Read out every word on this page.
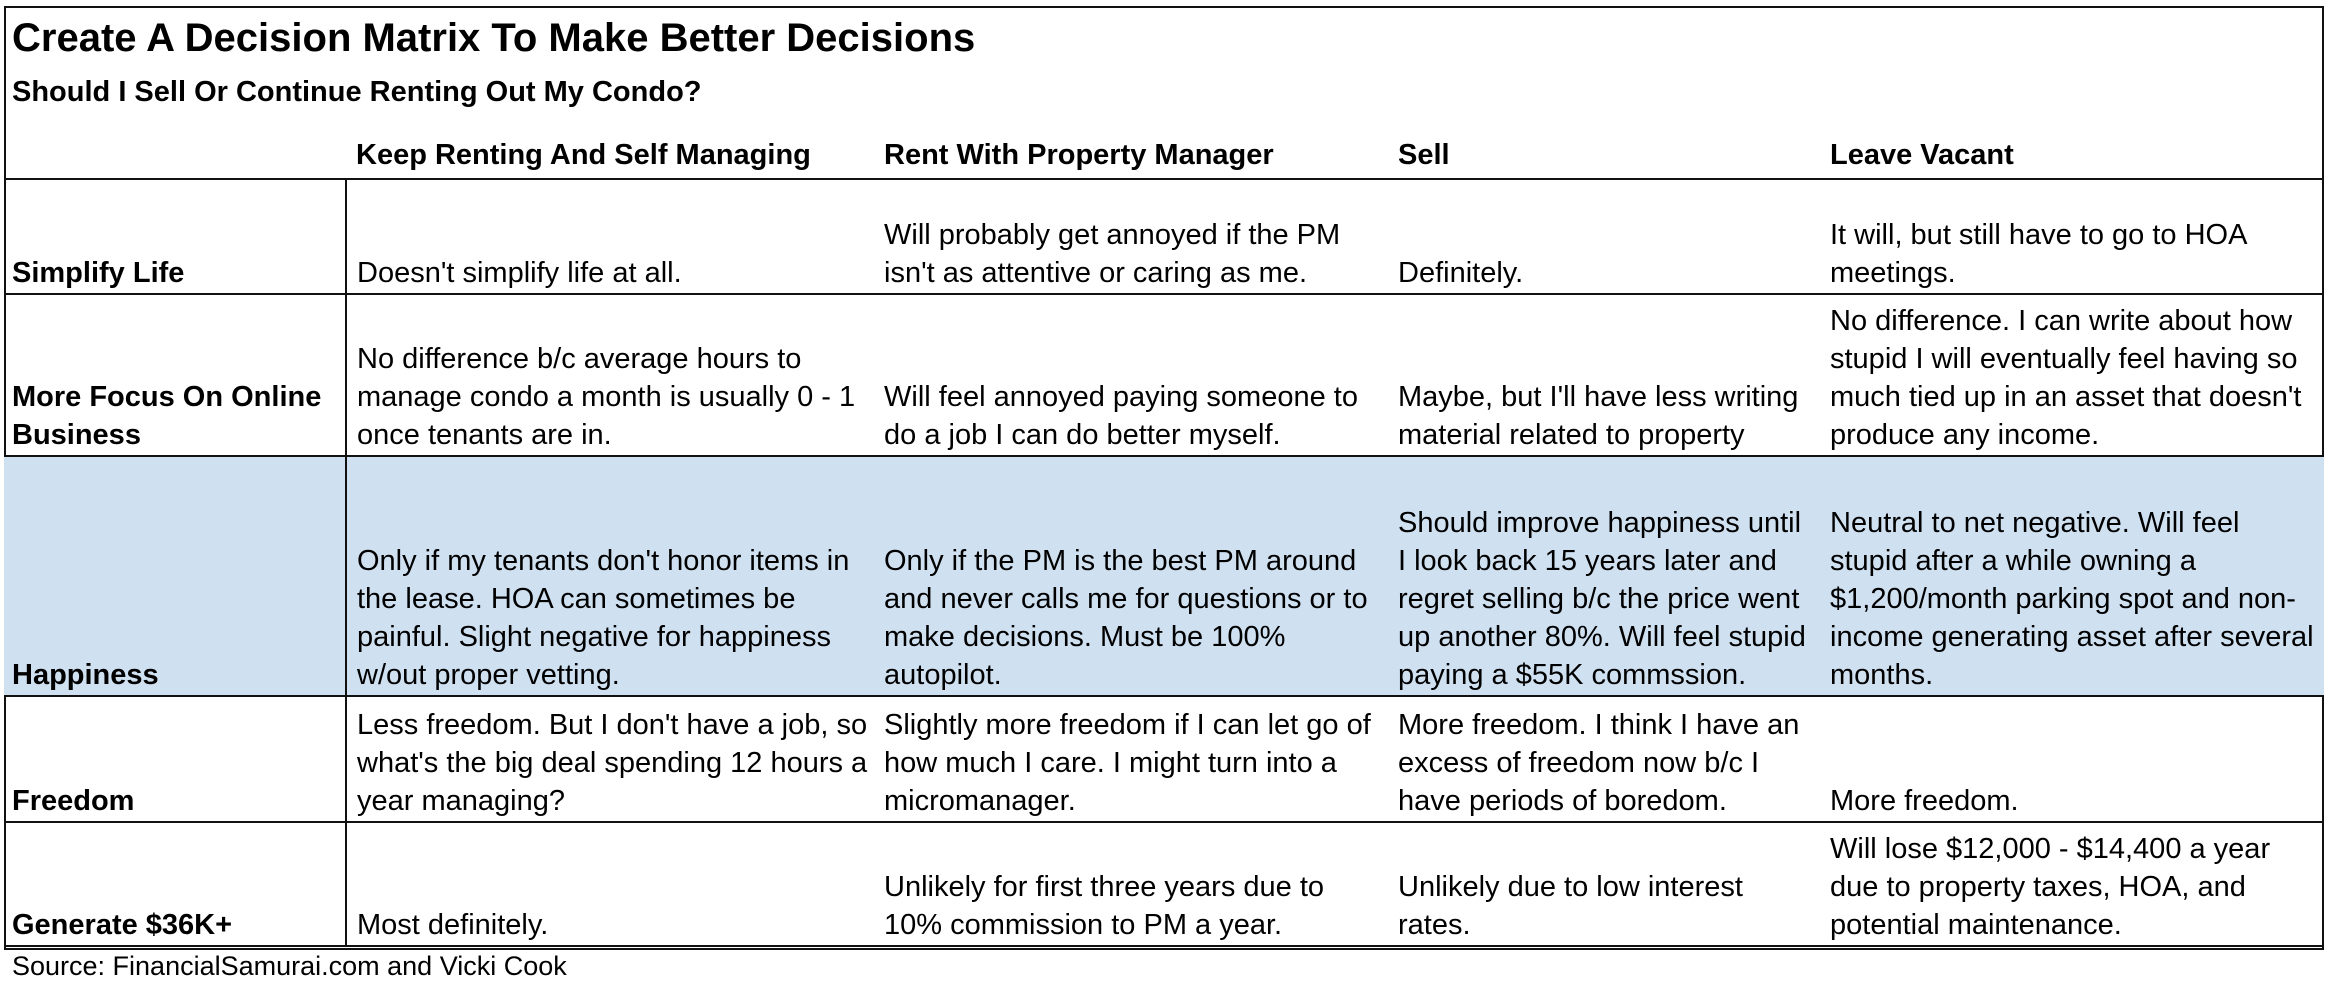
Create A Decision Matrix To Make Better Decisions
Should I Sell Or Continue Renting Out My Condo?
	Keep Renting And Self Managing	Rent With Property Manager	Sell	Leave Vacant
Simplify Life	Doesn't simplify life at all.	Will probably get annoyed if the PM isn't as attentive or caring as me.	Definitely.	It will, but still have to go to HOA meetings.
More Focus On Online Business	No difference b/c average hours to manage condo a month is usually 0 - 1 once tenants are in.	Will feel annoyed paying someone to do a job I can do better myself.	Maybe, but I'll have less writing material related to property	No difference. I can write about how stupid I will eventually feel having so much tied up in an asset that doesn't produce any income.
Happiness	Only if my tenants don't honor items in the lease. HOA can sometimes be painful. Slight negative for happiness w/out proper vetting.	Only if the PM is the best PM around and never calls me for questions or to make decisions. Must be 100% autopilot.	Should improve happiness until I look back 15 years later and regret selling b/c the price went up another 80%. Will feel stupid paying a $55K commssion.	Neutral to net negative. Will feel stupid after a while owning a $1,200/month parking spot and non-income generating asset after several months.
Freedom	Less freedom. But I don't have a job, so what's the big deal spending 12 hours a year managing?	Slightly more freedom if I can let go of how much I care. I might turn into a micromanager.	More freedom. I think I have an excess of freedom now b/c I have periods of boredom.	More freedom.
Generate $36K+	Most definitely.	Unlikely for first three years due to 10% commission to PM a year.	Unlikely due to low interest rates.	Will lose $12,000 - $14,400 a year due to property taxes, HOA, and potential maintenance.
Source: FinancialSamurai.com and Vicki Cook				
